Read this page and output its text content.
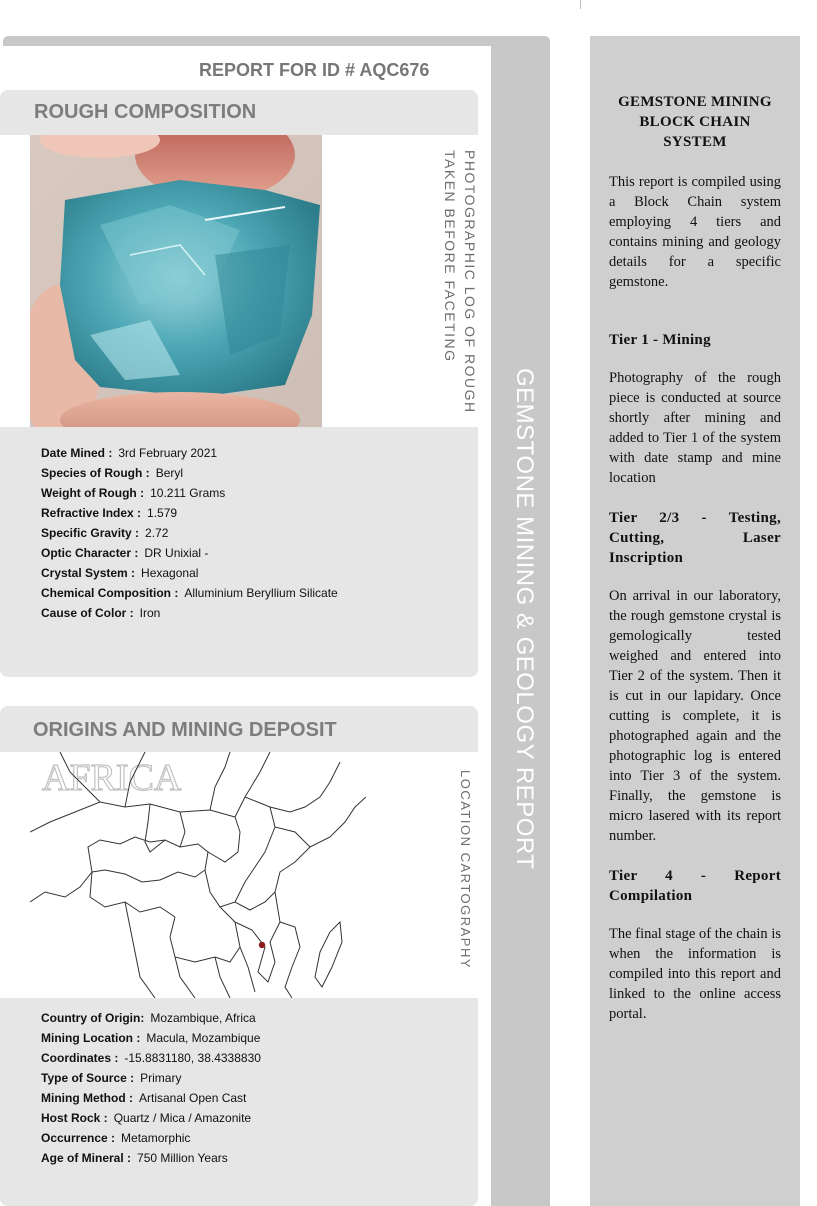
GEMSTONE MINING & GEOLOGY REPORT
REPORT FOR ID # AQC676
ROUGH COMPOSITION
PHOTOGRAPHIC LOG OF ROUGH
TAKEN BEFORE FACETING
Date Mined : 3rd February 2021
Species of Rough : Beryl
Weight of Rough : 10.211 Grams
Refractive Index : 1.579
Specific Gravity : 2.72
Optic Character : DR Unixial -
Crystal System : Hexagonal
Chemical Composition : Alluminium Beryllium Silicate
Cause of Color : Iron
ORIGINS AND MINING DEPOSIT
AFRICA	LOCATION CARTOGRAPHY
Country of Origin: Mozambique, Africa
Mining Location : Macula, Mozambique
Coordinates : -15.8831180, 38.4338830
Type of Source : Primary
Mining Method : Artisanal Open Cast
Host Rock : Quartz / Mica / Amazonite
Occurrence : Metamorphic
Age of Mineral : 750 Million Years
GEMSTONE MINING BLOCK CHAIN SYSTEM
This report is compiled using a Block Chain system employing 4 tiers and contains mining and geology details for a specific gemstone.
Tier 1 - Mining
Photography of the rough piece is conducted at source shortly after mining and added to Tier 1 of the system with date stamp and mine location
Tier 2/3 - Testing, Cutting, Laser Inscription
On arrival in our laboratory, the rough gemstone crystal is gemologically tested weighed and entered into Tier 2 of the system. Then it is cut in our lapidary. Once cutting is complete, it is photographed again and the photographic log is entered into Tier 3 of the system. Finally, the gemstone is micro lasered with its report number.
Tier 4 - Report Compilation
The final stage of the chain is when the information is compiled into this report and linked to the online access portal.
